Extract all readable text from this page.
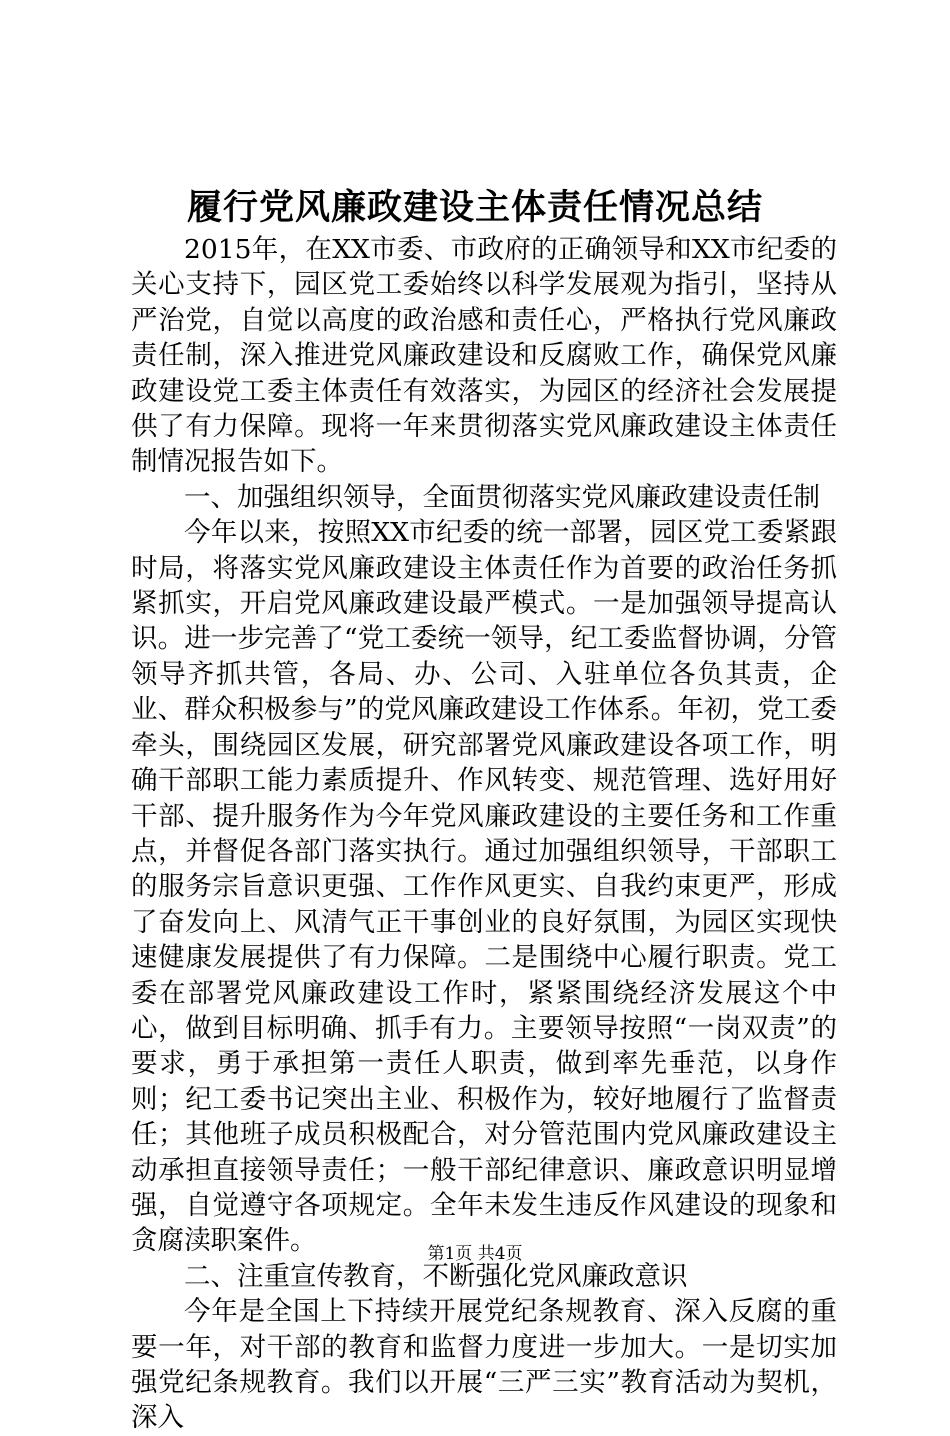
履行党风廉政建设主体责任情况总结

2015年，在XX市委、市政府的正确领导和XX市纪委的关心支持下，园区党工委始终以科学发展观为指引，坚持从严治党，自觉以高度的政治感和责任心，严格执行党风廉政责任制，深入推进党风廉政建设和反腐败工作，确保党风廉政建设党工委主体责任有效落实，为园区的经济社会发展提供了有力保障。现将一年来贯彻落实党风廉政建设主体责任制情况报告如下。

一、加强组织领导，全面贯彻落实党风廉政建设责任制

今年以来，按照XX市纪委的统一部署，园区党工委紧跟时局，将落实党风廉政建设主体责任作为首要的政治任务抓紧抓实，开启党风廉政建设最严模式。一是加强领导提高认识。进一步完善了“党工委统一领导，纪工委监督协调，分管领导齐抓共管，各局、办、公司、入驻单位各负其责，企业、群众积极参与”的党风廉政建设工作体系。年初，党工委牵头，围绕园区发展，研究部署党风廉政建设各项工作，明确干部职工能力素质提升、作风转变、规范管理、选好用好干部、提升服务作为今年党风廉政建设的主要任务和工作重点，并督促各部门落实执行。通过加强组织领导，干部职工的服务宗旨意识更强、工作作风更实、自我约束更严，形成了奋发向上、风清气正干事创业的良好氛围，为园区实现快速健康发展提供了有力保障。二是围绕中心履行职责。党工委在部署党风廉政建设工作时，紧紧围绕经济发展这个中心，做到目标明确、抓手有力。主要领导按照“一岗双责”的要求，勇于承担第一责任人职责，做到率先垂范，以身作则；纪工委书记突出主业、积极作为，较好地履行了监督责任；其他班子成员积极配合，对分管范围内党风廉政建设主动承担直接领导责任；一般干部纪律意识、廉政意识明显增强，自觉遵守各项规定。全年未发生违反作风建设的现象和贪腐渎职案件。

二、注重宣传教育，不断强化党风廉政意识

今年是全国上下持续开展党纪条规教育、深入反腐的重要一年，对干部的教育和监督力度进一步加大。一是切实加强党纪条规教育。我们以开展“三严三实”教育活动为契机，深入

第1页 共4页
